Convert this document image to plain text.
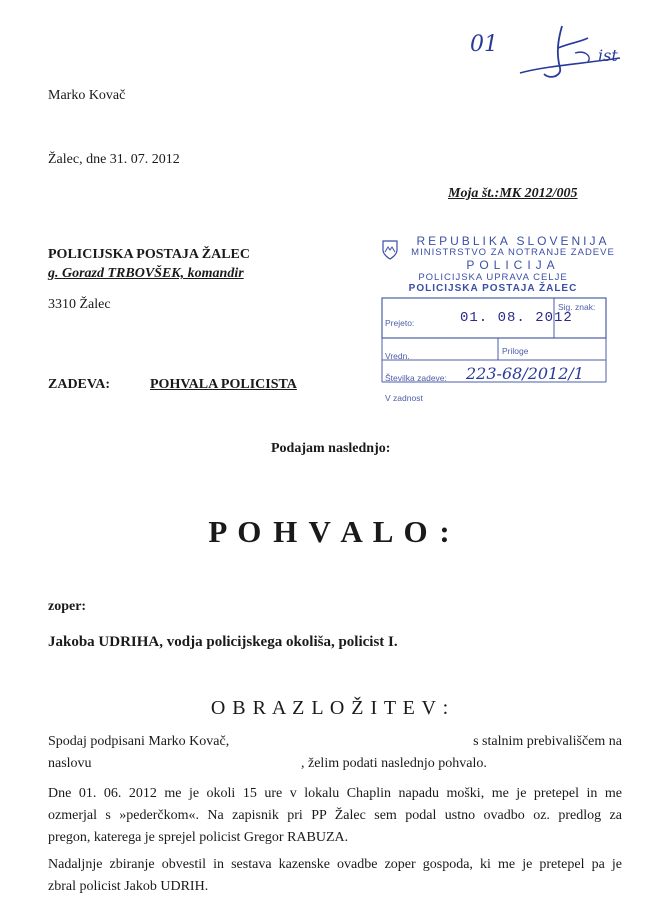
01	ist
Marko Kovač
Žalec, dne 31. 07. 2012
Moja št.:MK 2012/005
POLICIJSKA POSTAJA ŽALEC
g. Gorazd TRBOVŠEK, komandir
3310 Žalec
REPUBLIKA SLOVENIJA
MINISTRSTVO ZA NOTRANJE ZADEVE
POLICIJA
POLICIJSKA UPRAVA CELJE
POLICIJSKA POSTAJA ŽALEC
Prejeto:	01. 08. 2012
Sig. znak:
Vredn.	Priloge
Številka zadeve: 223-68/2012/1
V zadnost
ZADEVA:	POHVALA POLICISTA
Podajam naslednjo:
P O H V A L O :
zoper:
Jakoba UDRIHA, vodja policijskega okoliša, policist I.
O B R A Z L O Ž I T E V :
Spodaj podpisani Marko Kovač,	s stalnim prebivališčem na
naslovu	, želim podati naslednjo pohvalo.
Dne 01. 06. 2012 me je okoli 15 ure v lokalu Chaplin napadu moški, me je pretepel in me
ozmerjal s »pederčkom«. Na zapisnik pri PP Žalec sem podal ustno ovadbo oz. predlog za
pregon, katerega je sprejel policist Gregor RABUZA.
Nadaljnje zbiranje obvestil in sestava kazenske ovadbe zoper gospoda, ki me je pretepel pa je
zbral policist Jakob UDRIH.
